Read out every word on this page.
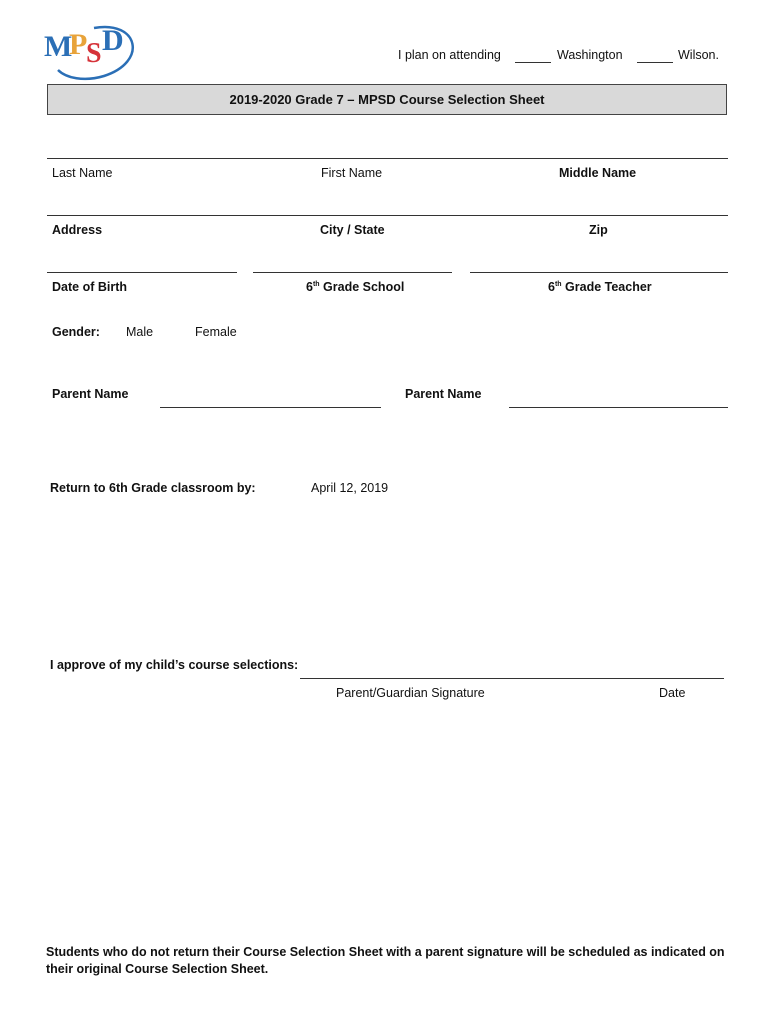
M
P
S D	I plan on attending	Washington	Wilson.
2019-2020 Grade 7 – MPSD Course Selection Sheet
Last Name	First Name	Middle Name
Address	City / State	Zip
Date of Birth	6th Grade School	6th Grade Teacher
Gender: Male	Female
Parent Name	Parent Name
Return to 6th Grade classroom by:	April 12, 2019
I approve of my child’s course selections:
Parent/Guardian Signature	Date
Students who do not return their Course Selection Sheet with a parent signature will be scheduled as indicated on
their original Course Selection Sheet.
